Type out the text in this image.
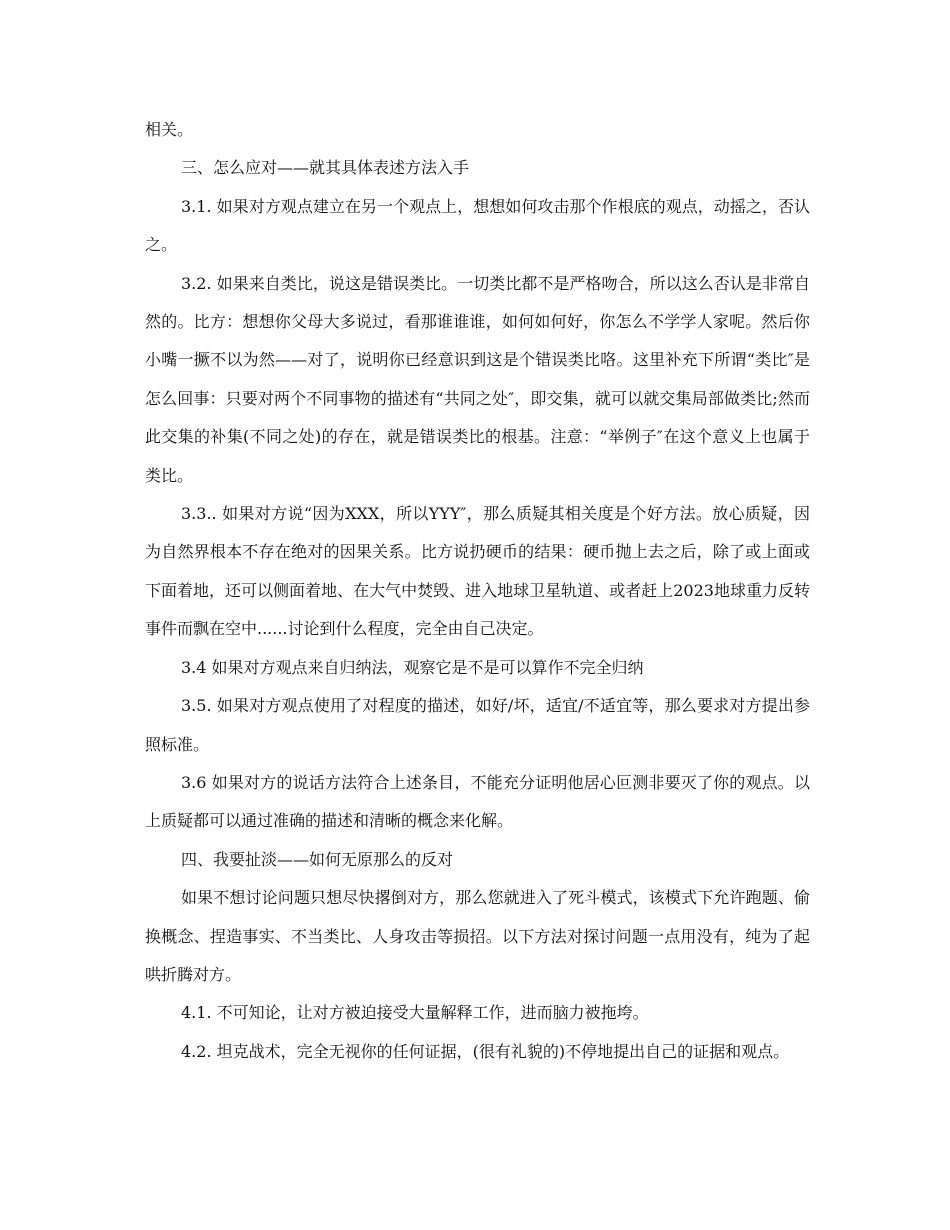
相关。

三、怎么应对——就其具体表述方法入手

3.1. 如果对方观点建立在另一个观点上，想想如何攻击那个作根底的观点，动摇之，否认之。

3.2. 如果来自类比，说这是错误类比。一切类比都不是严格吻合，所以这么否认是非常自然的。比方：想想你父母大多说过，看那谁谁谁，如何如何好，你怎么不学学人家呢。然后你小嘴一撅不以为然——对了，说明你已经意识到这是个错误类比咯。这里补充下所谓“类比″是怎么回事：只要对两个不同事物的描述有“共同之处″，即交集，就可以就交集局部做类比;然而此交集的补集(不同之处)的存在，就是错误类比的根基。注意：“举例子″在这个意义上也属于类比。

3.3.. 如果对方说“因为XXX，所以YYY″，那么质疑其相关度是个好方法。放心质疑，因为自然界根本不存在绝对的因果关系。比方说扔硬币的结果：硬币抛上去之后，除了或上面或下面着地，还可以侧面着地、在大气中焚毁、进入地球卫星轨道、或者赶上2023地球重力反转事件而飘在空中......讨论到什么程度，完全由自己决定。

3.4 如果对方观点来自归纳法，观察它是不是可以算作不完全归纳

3.5. 如果对方观点使用了对程度的描述，如好/坏，适宜/不适宜等，那么要求对方提出参照标准。

3.6 如果对方的说话方法符合上述条目，不能充分证明他居心叵测非要灭了你的观点。以上质疑都可以通过准确的描述和清晰的概念来化解。

四、我要扯淡——如何无原那么的反对

如果不想讨论问题只想尽快撂倒对方，那么您就进入了死斗模式，该模式下允许跑题、偷换概念、捏造事实、不当类比、人身攻击等损招。以下方法对探讨问题一点用没有，纯为了起哄折腾对方。

4.1. 不可知论，让对方被迫接受大量解释工作，进而脑力被拖垮。

4.2. 坦克战术，完全无视你的任何证据，(很有礼貌的)不停地提出自己的证据和观点。
